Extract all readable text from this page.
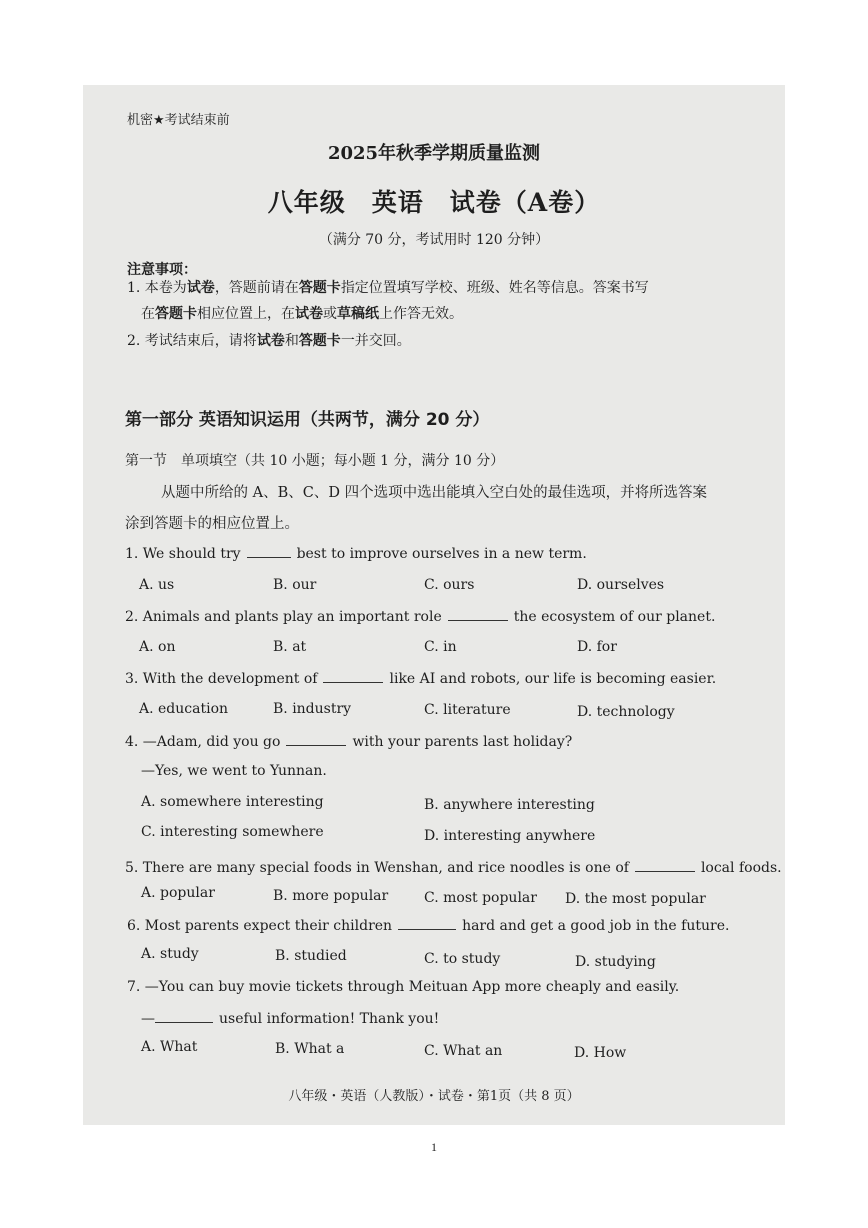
机密★考试结束前
2025年秋季学期质量监测
八年级　英语　试卷（A卷）
（满分 70 分，考试用时 120 分钟）
注意事项：
1. 本卷为试卷，答题前请在答题卡指定位置填写学校、班级、姓名等信息。答案书写
在答题卡相应位置上，在试卷或草稿纸上作答无效。
2. 考试结束后，请将试卷和答题卡一并交回。
第一部分 英语知识运用（共两节，满分 20 分）
第一节　单项填空（共 10 小题；每小题 1 分，满分 10 分）
从题中所给的 A、B、C、D 四个选项中选出能填入空白处的最佳选项，并将所选答案
涂到答题卡的相应位置上。
1. We should try	best to improve ourselves in a new term.
A. us	B. our	C. ours	D. ourselves
2. Animals and plants play an important role	the ecosystem of our planet.
A. on	B. at	C. in	D. for
3. With the development of	like AI and robots, our life is becoming easier.
A. education	B. industry	C. literature	D. technology
4. —Adam, did you go	with your parents last holiday?
—Yes, we went to Yunnan.
A. somewhere interesting	B. anywhere interesting
C. interesting somewhere	D. interesting anywhere
5. There are many special foods in Wenshan, and rice noodles is one of	local foods.
A. popular	B. more popular	C. most popular D. the most popular
6. Most parents expect their children	hard and get a good job in the future.
A. study	B. studied	C. to study	D. studying
7. —You can buy movie tickets through Meituan App more cheaply and easily.
—	useful information! Thank you!
A. What	B. What a	C. What an	D. How
八年级・英语（人教版）・试卷・第1页（共 8 页）
1
